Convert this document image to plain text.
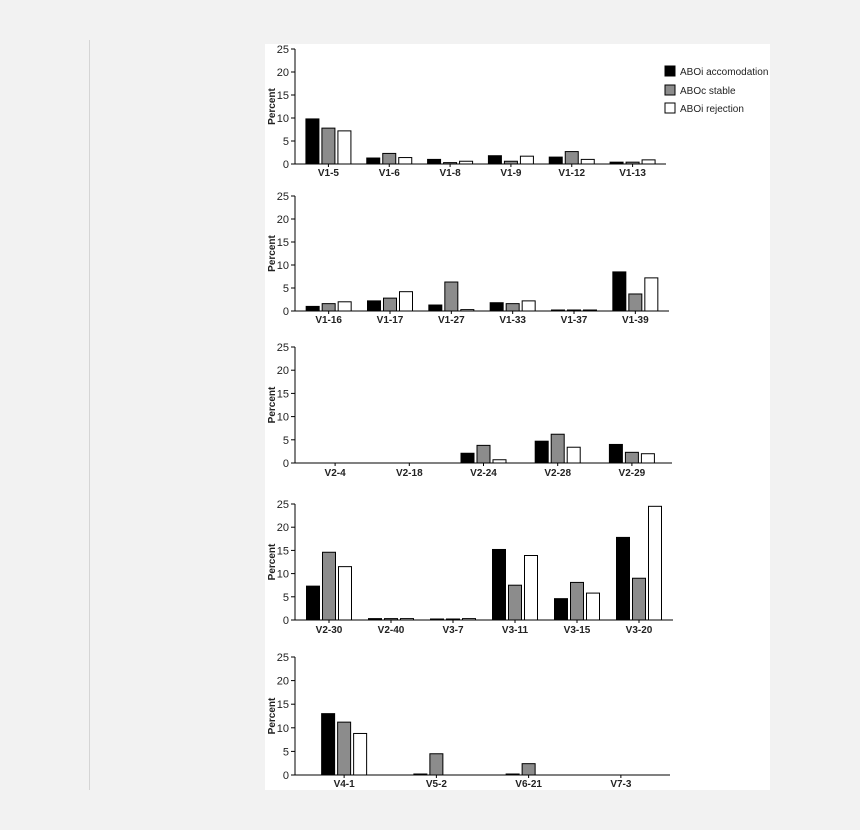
0
5
10
15
20
25
Percent
V1-5	V1-6	V1-8	V1-9	V1-12	V1-13
0
5
10
15
20
25
Percent
V1-16	V1-17	V1-27	V1-33	V1-37	V1-39
0
5
10
15
20
25
Percent
V2-4	V2-18	V2-24	V2-28	V2-29
0
5
10
15
20
25
Percent
V2-30	V2-40	V3-7	V3-11	V3-15	V3-20
0
5
10
15
20
25
Percent
V4-1	V5-2	V6-21	V7-3
ABOi accomodation
ABOc stable
ABOi rejection
